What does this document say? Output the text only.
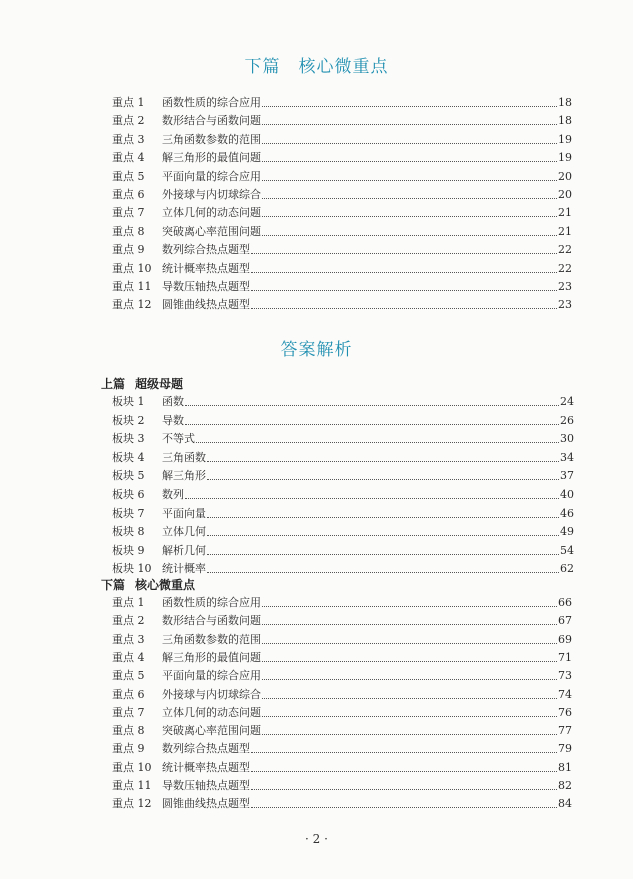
下篇 核心微重点
重点 1	函数性质的综合应用	18
重点 2	数形结合与函数问题	18
重点 3	三角函数参数的范围	19
重点 4	解三角形的最值问题	19
重点 5	平面向量的综合应用	20
重点 6	外接球与内切球综合	20
重点 7	立体几何的动态问题	21
重点 8	突破离心率范围问题	21
重点 9	数列综合热点题型	22
重点 10 统计概率热点题型	22
重点 11 导数压轴热点题型	23
重点 12 圆锥曲线热点题型	23
答案解析
上篇 超级母题
板块 1	函数	24
板块 2	导数	26
板块 3	不等式	30
板块 4	三角函数	34
板块 5	解三角形	37
板块 6	数列	40
板块 7	平面向量	46
板块 8	立体几何	49
板块 9	解析几何	54
板块 10 统计概率	62
下篇 核心微重点
重点 1	函数性质的综合应用	66
重点 2	数形结合与函数问题	67
重点 3	三角函数参数的范围	69
重点 4	解三角形的最值问题	71
重点 5	平面向量的综合应用	73
重点 6	外接球与内切球综合	74
重点 7	立体几何的动态问题	76
重点 8	突破离心率范围问题	77
重点 9	数列综合热点题型	79
重点 10 统计概率热点题型	81
重点 11 导数压轴热点题型	82
重点 12 圆锥曲线热点题型	84
· 2 ·
